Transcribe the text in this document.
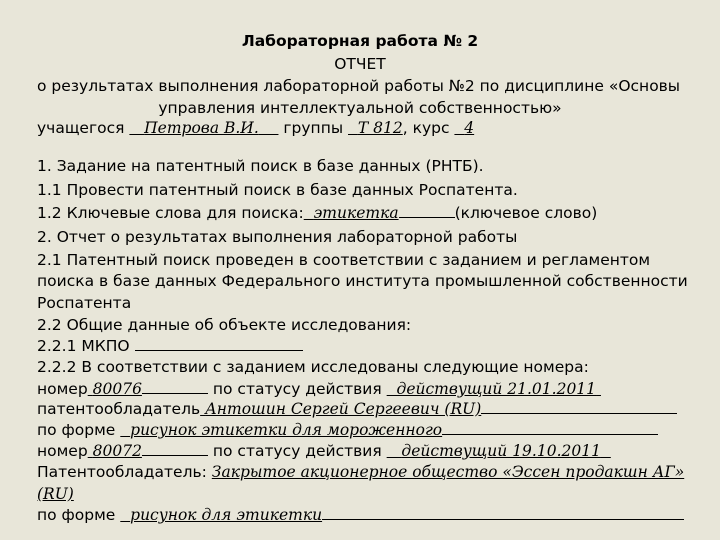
Лабораторная работа № 2
ОТЧЕТ
о результатах выполнения лабораторной работы №2 по дисциплине «Основы
управления интеллектуальной собственностью»
учащегося Петрова В.И. группы Т 812, курс 4
1. Задание на патентный поиск в базе данных (РНТБ).
1.1 Провести патентный поиск в базе данных Роспатента.
1.2 Ключевые слова для поиска: этикетка	(ключевое слово)
2. Отчет о результатах выполнения лабораторной работы
2.1 Патентный поиск проведен в соответствии с заданием и регламентом
поиска в базе данных Федерального института промышленной собственности
Роспатента
2.2 Общие данные об объекте исследования:
2.2.1 МКПО
2.2.2 В соответствии с заданием исследованы следующие номера:
номер 80076	по статусу действия действущий 21.01.2011
патентообладатель Антошин Сергей Сергеевич (RU)
по форме рисунок этикетки для мороженного
номер 80072	по статусу действия действущий 19.10.2011
Патентообладатель: Закрытое акционерное общество «Эссен продакшн АГ»
(RU)
по форме рисунок для этикетки
